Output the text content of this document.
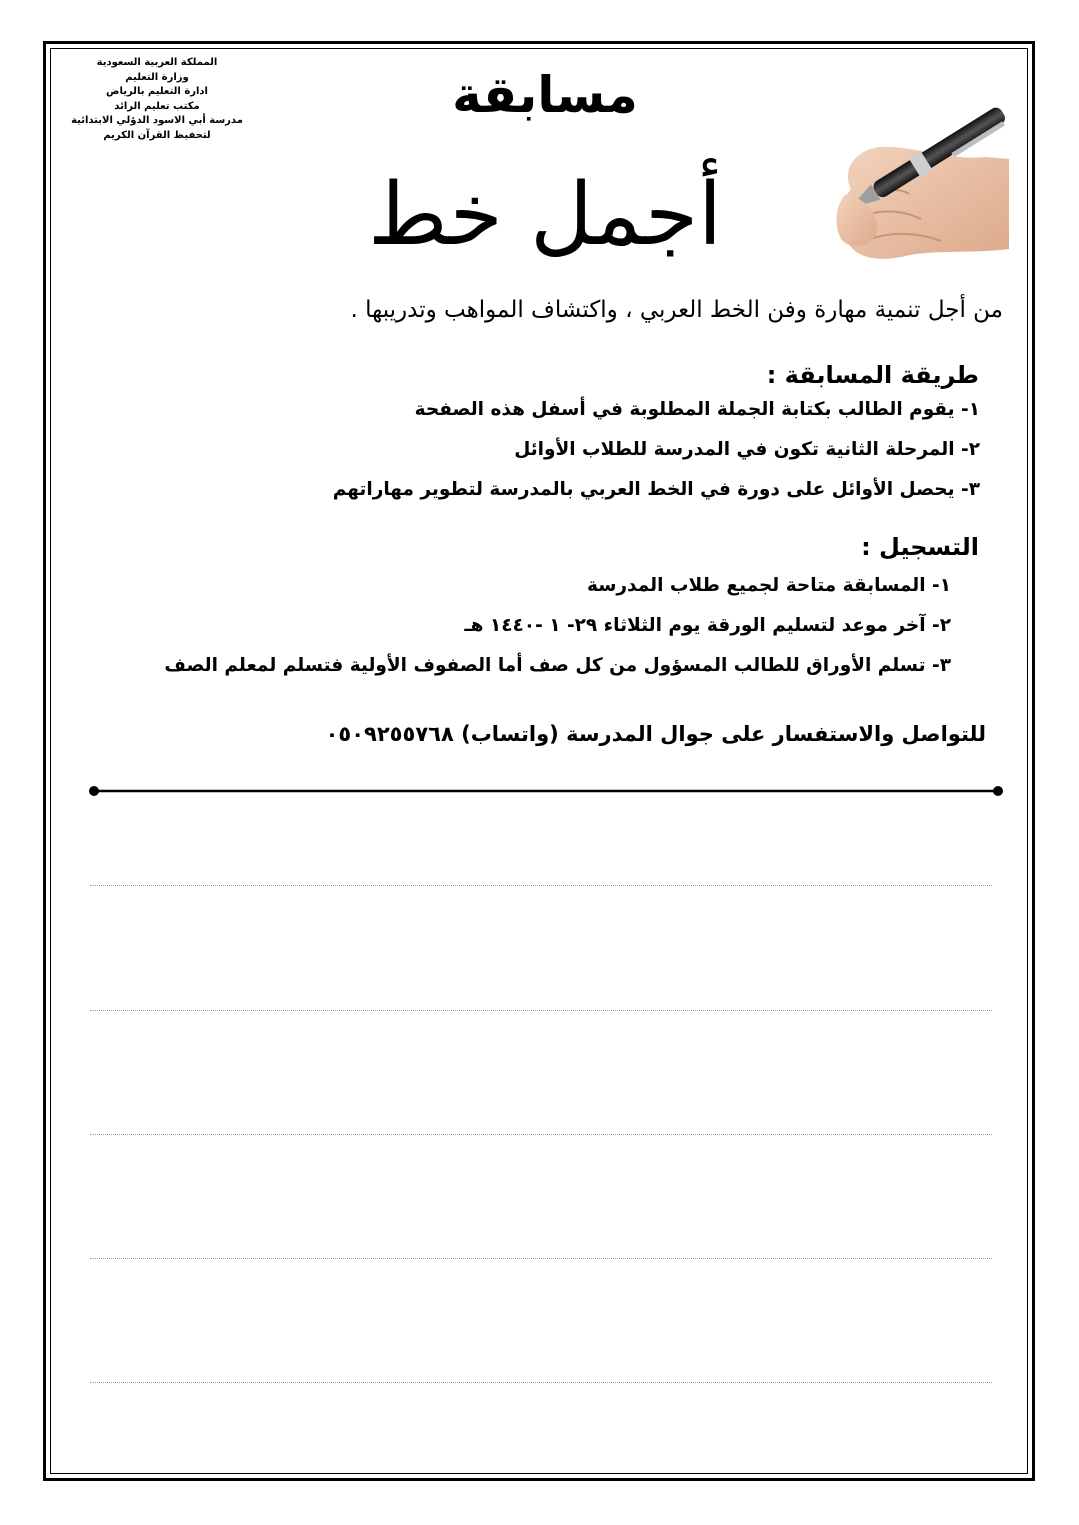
المملكة العربية السعودية
وزارة التعليم
ادارة التعليم بالرياض
مكتب تعليم الرائد
مدرسة أبي الاسود الدؤلي الابتدائية
لتحفيظ القرآن الكريم
مسابقة
أجمل خط
من أجل تنمية مهارة وفن الخط العربي ، واكتشاف المواهب وتدريبها .
طريقة المسابقة :
١- يقوم الطالب بكتابة الجملة المطلوبة في أسفل هذه الصفحة
٢- المرحلة الثانية تكون في المدرسة للطلاب الأوائل
٣- يحصل الأوائل على دورة في الخط العربي بالمدرسة لتطوير مهاراتهم
التسجيل :
١- المسابقة متاحة لجميع طلاب المدرسة
٢- آخر موعد لتسليم الورقة يوم الثلاثاء ٢٩- ١ -١٤٤٠ هـ
٣- تسلم الأوراق للطالب المسؤول من كل صف أما الصفوف الأولية فتسلم لمعلم الصف
للتواصل والاستفسار على جوال المدرسة (واتساب) ٠٥٠٩٢٥٥٧٦٨
